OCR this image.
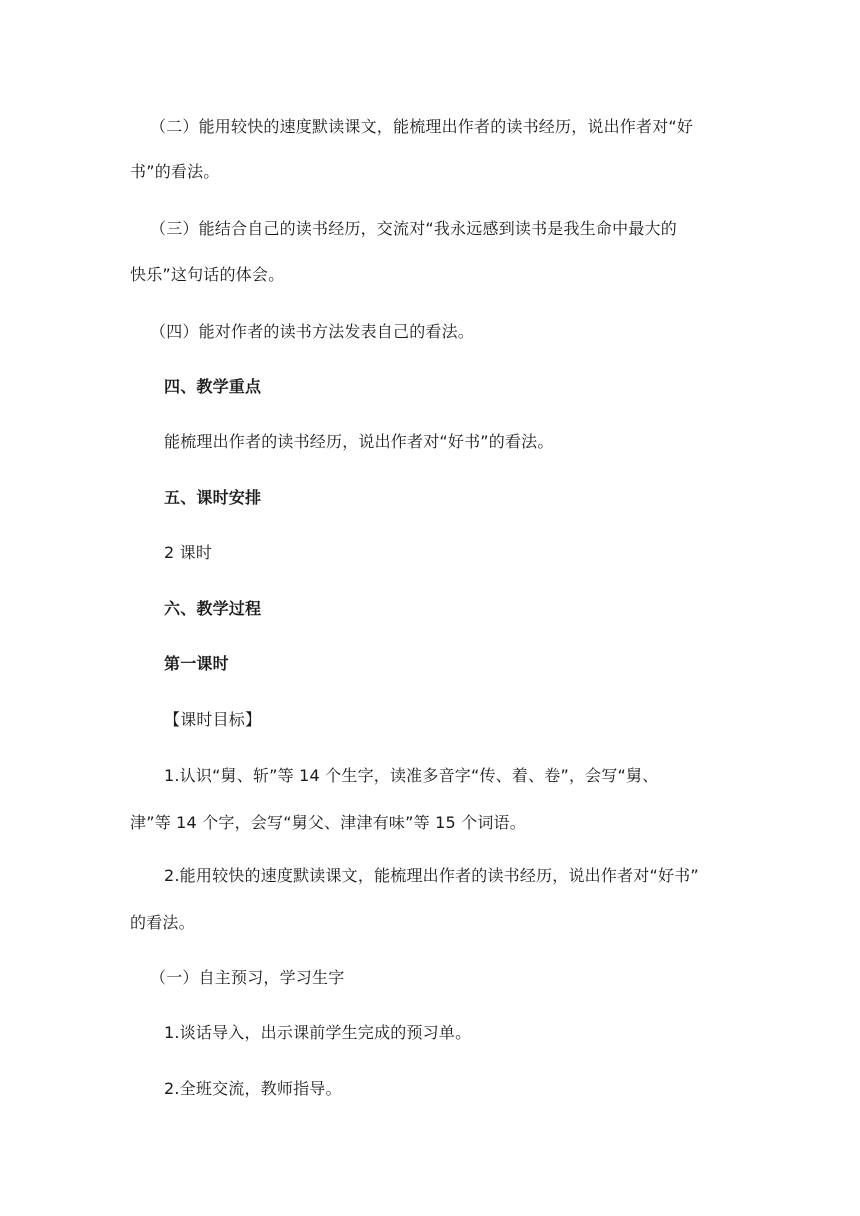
（二）能用较快的速度默读课文，能梳理出作者的读书经历，说出作者对“好
书”的看法。
（三）能结合自己的读书经历，交流对“我永远感到读书是我生命中最大的
快乐”这句话的体会。
（四）能对作者的读书方法发表自己的看法。
四、教学重点
能梳理出作者的读书经历，说出作者对“好书”的看法。
五、课时安排
2 课时
六、教学过程
第一课时
【课时目标】
1.认识“舅、斩”等 14 个生字，读准多音字“传、着、卷”，会写“舅、
津”等 14 个字，会写“舅父、津津有味”等 15 个词语。
2.能用较快的速度默读课文，能梳理出作者的读书经历，说出作者对“好书”
的看法。
（一）自主预习，学习生字
1.谈话导入，出示课前学生完成的预习单。
2.全班交流，教师指导。
